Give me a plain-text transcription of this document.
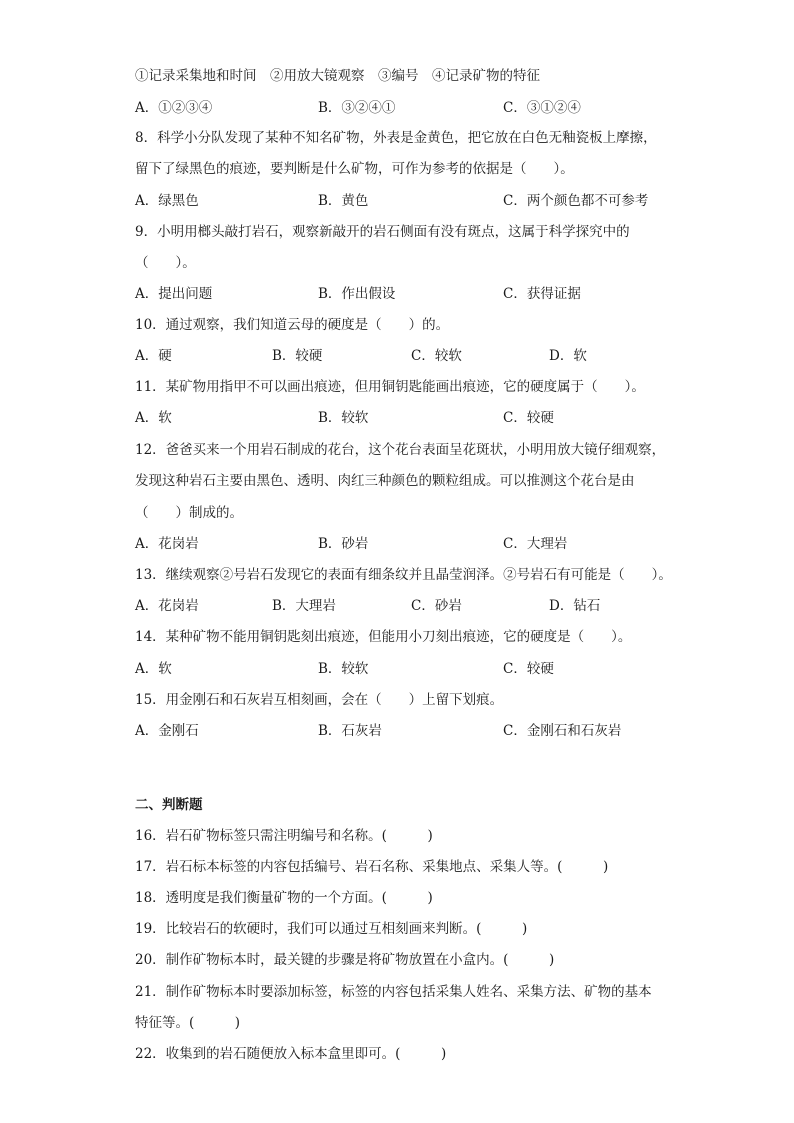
①记录采集地和时间　②用放大镜观察　③编号　④记录矿物的特征
A．①②③④	B．③②④①	C．③①②④
8．科学小分队发现了某种不知名矿物，外表是金黄色，把它放在白色无釉瓷板上摩擦，
留下了绿黑色的痕迹，要判断是什么矿物，可作为参考的依据是（　　）。
A．绿黑色	B．黄色	C．两个颜色都不可参考
9．小明用榔头敲打岩石，观察新敲开的岩石侧面有没有斑点，这属于科学探究中的
（　　）。
A．提出问题	B．作出假设	C．获得证据
10．通过观察，我们知道云母的硬度是（　　）的。
A．硬	B．较硬	C．较软	D．软
11．某矿物用指甲不可以画出痕迹，但用铜钥匙能画出痕迹，它的硬度属于（　　）。
A．软	B．较软	C．较硬
12．爸爸买来一个用岩石制成的花台，这个花台表面呈花斑状，小明用放大镜仔细观察，
发现这种岩石主要由黑色、透明、肉红三种颜色的颗粒组成。可以推测这个花台是由
（　　）制成的。
A．花岗岩	B．砂岩	C．大理岩
13．继续观察②号岩石发现它的表面有细条纹并且晶莹润泽。②号岩石有可能是（　　）。
A．花岗岩	B．大理岩	C．砂岩	D．钻石
14．某种矿物不能用铜钥匙刻出痕迹，但能用小刀刻出痕迹，它的硬度是（　　）。
A．软	B．较软	C．较硬
15．用金刚石和石灰岩互相刻画，会在（　　）上留下划痕。
A．金刚石	B．石灰岩	C．金刚石和石灰岩
二、判断题
16．岩石矿物标签只需注明编号和名称。(　　　)
17．岩石标本标签的内容包括编号、岩石名称、采集地点、采集人等。(　　　)
18．透明度是我们衡量矿物的一个方面。(　　　)
19．比较岩石的软硬时，我们可以通过互相刻画来判断。(　　　)
20．制作矿物标本时，最关键的步骤是将矿物放置在小盒内。(　　　)
21．制作矿物标本时要添加标签，标签的内容包括采集人姓名、采集方法、矿物的基本
特征等。(　　　)
22．收集到的岩石随便放入标本盒里即可。(　　　)
